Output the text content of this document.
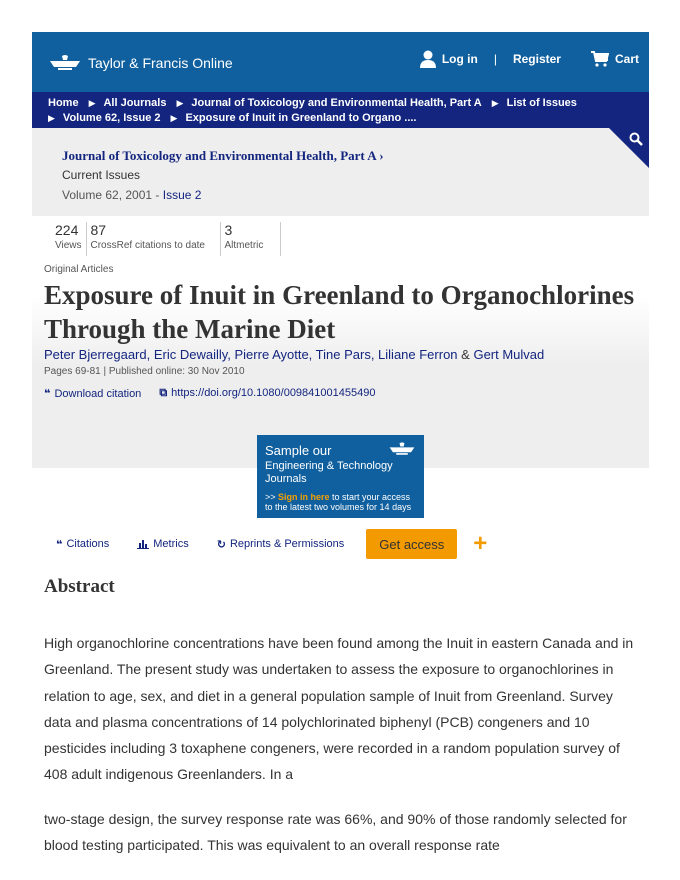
Taylor & Francis Online	Log in | Register	Cart
Home ▶ All Journals ▶ Journal of Toxicology and Environmental Health, Part A ▶ List of Issues
▶ Volume 62, Issue 2 ▶ Exposure of Inuit in Greenland to Organo ....
Journal of Toxicology and Environmental Health, Part A ›
Current Issues
Volume 62, 2001 - Issue 2
224
Views
87
CrossRef citations to date
3
Altmetric
Original Articles
Exposure of Inuit in Greenland to Organochlorines Through the Marine Diet
Peter Bjerregaard, Eric Dewailly, Pierre Ayotte, Tine Pars, Liliane Ferron & Gert Mulvad
Pages 69-81 | Published online: 30 Nov 2010
❝ Download citation ⧉ https://doi.org/10.1080/009841001455490
Sample our
Engineering & Technology Journals
>> Sign in here to start your access to the latest two volumes for 14 days
❝ Citations	Metrics	↻ Reprints & Permissions	Get access	+
Abstract

High organochlorine concentrations have been found among the Inuit in eastern Canada and in Greenland. The present study was undertaken to assess the exposure to organochlorines in relation to age, sex, and diet in a general population sample of Inuit from Greenland. Survey data and plasma concentrations of 14 polychlorinated biphenyl (PCB) congeners and 10 pesticides including 3 toxaphene congeners, were recorded in a random population survey of 408 adult indigenous Greenlanders. In a

two-stage design, the survey response rate was 66%, and 90% of those randomly selected for blood testing participated. This was equivalent to an overall response rate
